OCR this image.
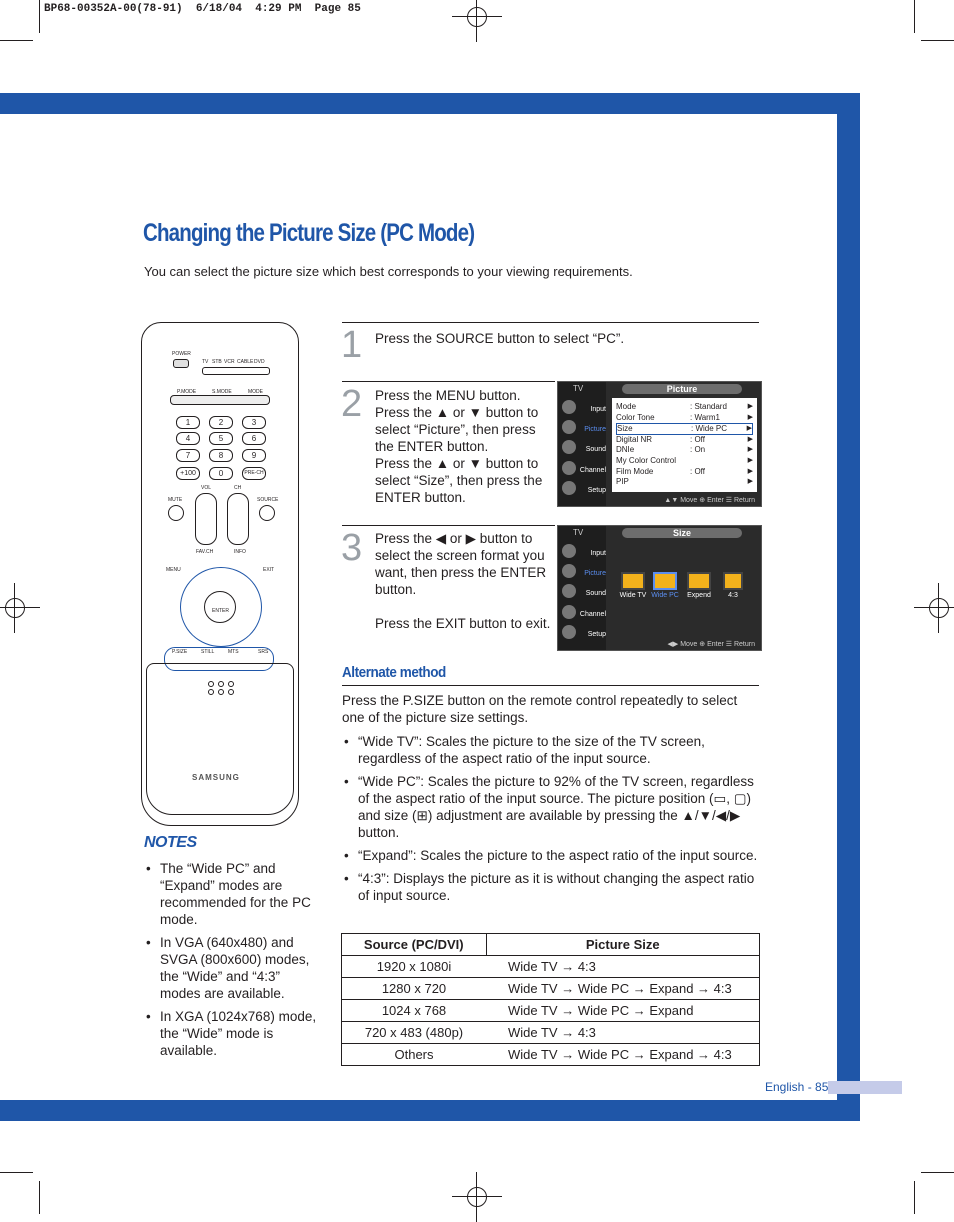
BP68-00352A-00(78-91)  6/18/04  4:29 PM  Page 85
Changing the Picture Size (PC Mode)
You can select the picture size which best corresponds to your viewing requirements.
1 Press the SOURCE button to select “PC”.
2 Press the MENU button.
Press the ▲ or ▼ button to
select “Picture”, then press
the ENTER button.
Press the ▲ or ▼ button to
select “Size”, then press the
ENTER button.
3 Press the ◀ or ▶ button to
select the screen format you
want, then press the ENTER
button.
Press the EXIT button to exit.
TV	Picture
Input
Picture
Sound
Channel
Setup
Mode	: Standard	▶
Color Tone	: Warm1	▶
Size	: Wide PC	▶
Digital NR	: Off	▶
DNIe	: On	▶
My Color Control	▶
Film Mode	: Off	▶
PIP	▶
▲▼ Move ⊕ Enter ☰ Return
TV	Size
Input
Picture
Sound
Channel
Setup
Wide TV Wide PC	Expend	4:3
◀▶ Move ⊕ Enter ☰ Return
POWER
TV STB VCR CABLE DVD
P.MODE	S.MODE	MODE
1	2	3
4	5	6
7	8	9
+100	0	PRE-CH
MUTE
VOL	CH
SOURCE
MENU
FAV.CH	INFO
EXIT
ENTER
P.SIZE	STILL	MTS	SRS
SAMSUNG
NOTES
• The “Wide PC” and “Expand” modes are recommended for the PC mode.
• In VGA (640x480) and SVGA (800x600) modes, the “Wide” and “4:3” modes are available.
• In XGA (1024x768) mode, the “Wide” mode is available.
Alternate method
Press the P.SIZE button on the remote control repeatedly to select one of the picture size settings.
• “Wide TV”: Scales the picture to the size of the TV screen, regardless of the aspect ratio of the input source.
• “Wide PC”: Scales the picture to 92% of the TV screen, regardless of the aspect ratio of the input source. The picture position (▭, ▢) and size (⊞) adjustment are available by pressing the ▲/▼/◀/▶ button.
• “Expand”: Scales the picture to the aspect ratio of the input source.
• “4:3”: Displays the picture as it is without changing the aspect ratio of input source.
Source (PC/DVI)	Picture Size
1920 x 1080i	Wide TV → 4:3
1280 x 720	Wide TV → Wide PC → Expand → 4:3
1024 x 768	Wide TV → Wide PC → Expand
720 x 483 (480p)	Wide TV → 4:3
Others	Wide TV → Wide PC → Expand → 4:3
English - 85
